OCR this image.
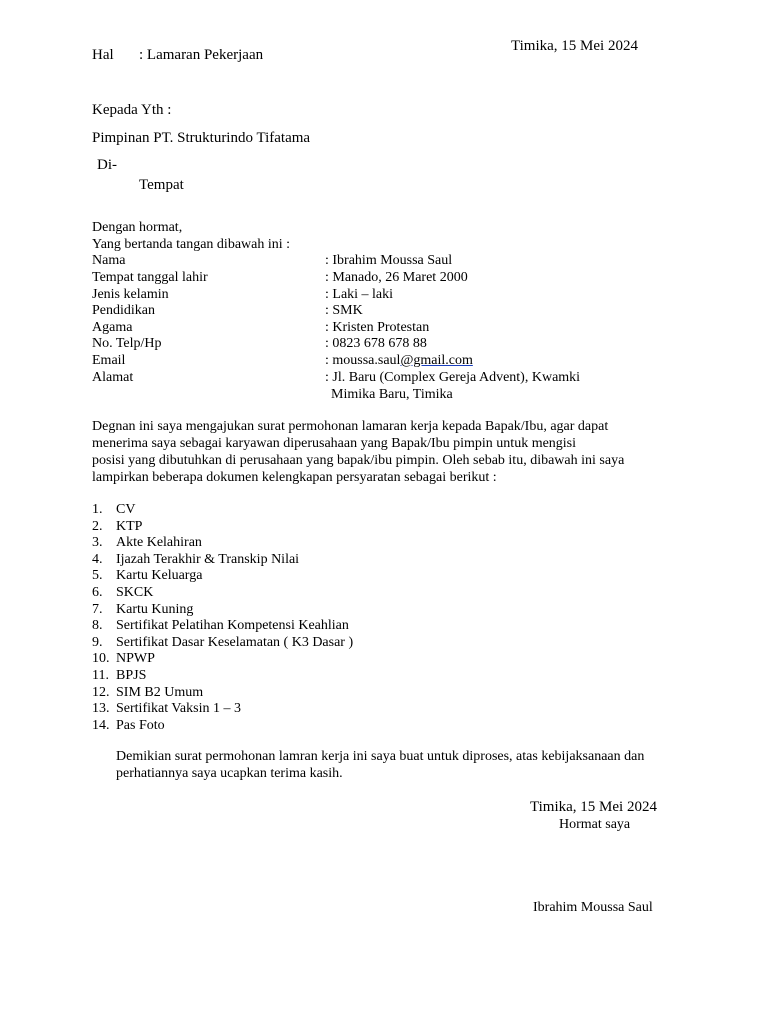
Hal : Lamaran Pekerjaan
Timika, 15 Mei 2024
Kepada Yth :
Pimpinan PT. Strukturindo Tifatama
Di-
Tempat
Dengan hormat,
Yang bertanda tangan dibawah ini :
Nama	: Ibrahim Moussa Saul
Tempat tanggal lahir	: Manado, 26 Maret 2000
Jenis kelamin	: Laki – laki
Pendidikan	: SMK
Agama	: Kristen Protestan
No. Telp/Hp	: 0823 678 678 88
Email	: moussa.saul@gmail.com
Alamat	: Jl. Baru (Complex Gereja Advent), Kwamki
Mimika Baru, Timika
Degnan ini saya mengajukan surat permohonan lamaran kerja kepada Bapak/Ibu, agar dapat
menerima saya sebagai karyawan diperusahaan yang Bapak/Ibu pimpin untuk mengisi
posisi yang dibutuhkan di perusahaan yang bapak/ibu pimpin. Oleh sebab itu, dibawah ini saya
lampirkan beberapa dokumen kelengkapan persyaratan sebagai berikut :
1. CV
2. KTP
3. Akte Kelahiran
4. Ijazah Terakhir & Transkip Nilai
5. Kartu Keluarga
6. SKCK
7. Kartu Kuning
8. Sertifikat Pelatihan Kompetensi Keahlian
9. Sertifikat Dasar Keselamatan ( K3 Dasar )
10. NPWP
11. BPJS
12. SIM B2 Umum
13. Sertifikat Vaksin 1 – 3
14. Pas Foto
Demikian surat permohonan lamran kerja ini saya buat untuk diproses, atas kebijaksanaan dan
perhatiannya saya ucapkan terima kasih.
Timika, 15 Mei 2024
Hormat saya
Ibrahim Moussa Saul
